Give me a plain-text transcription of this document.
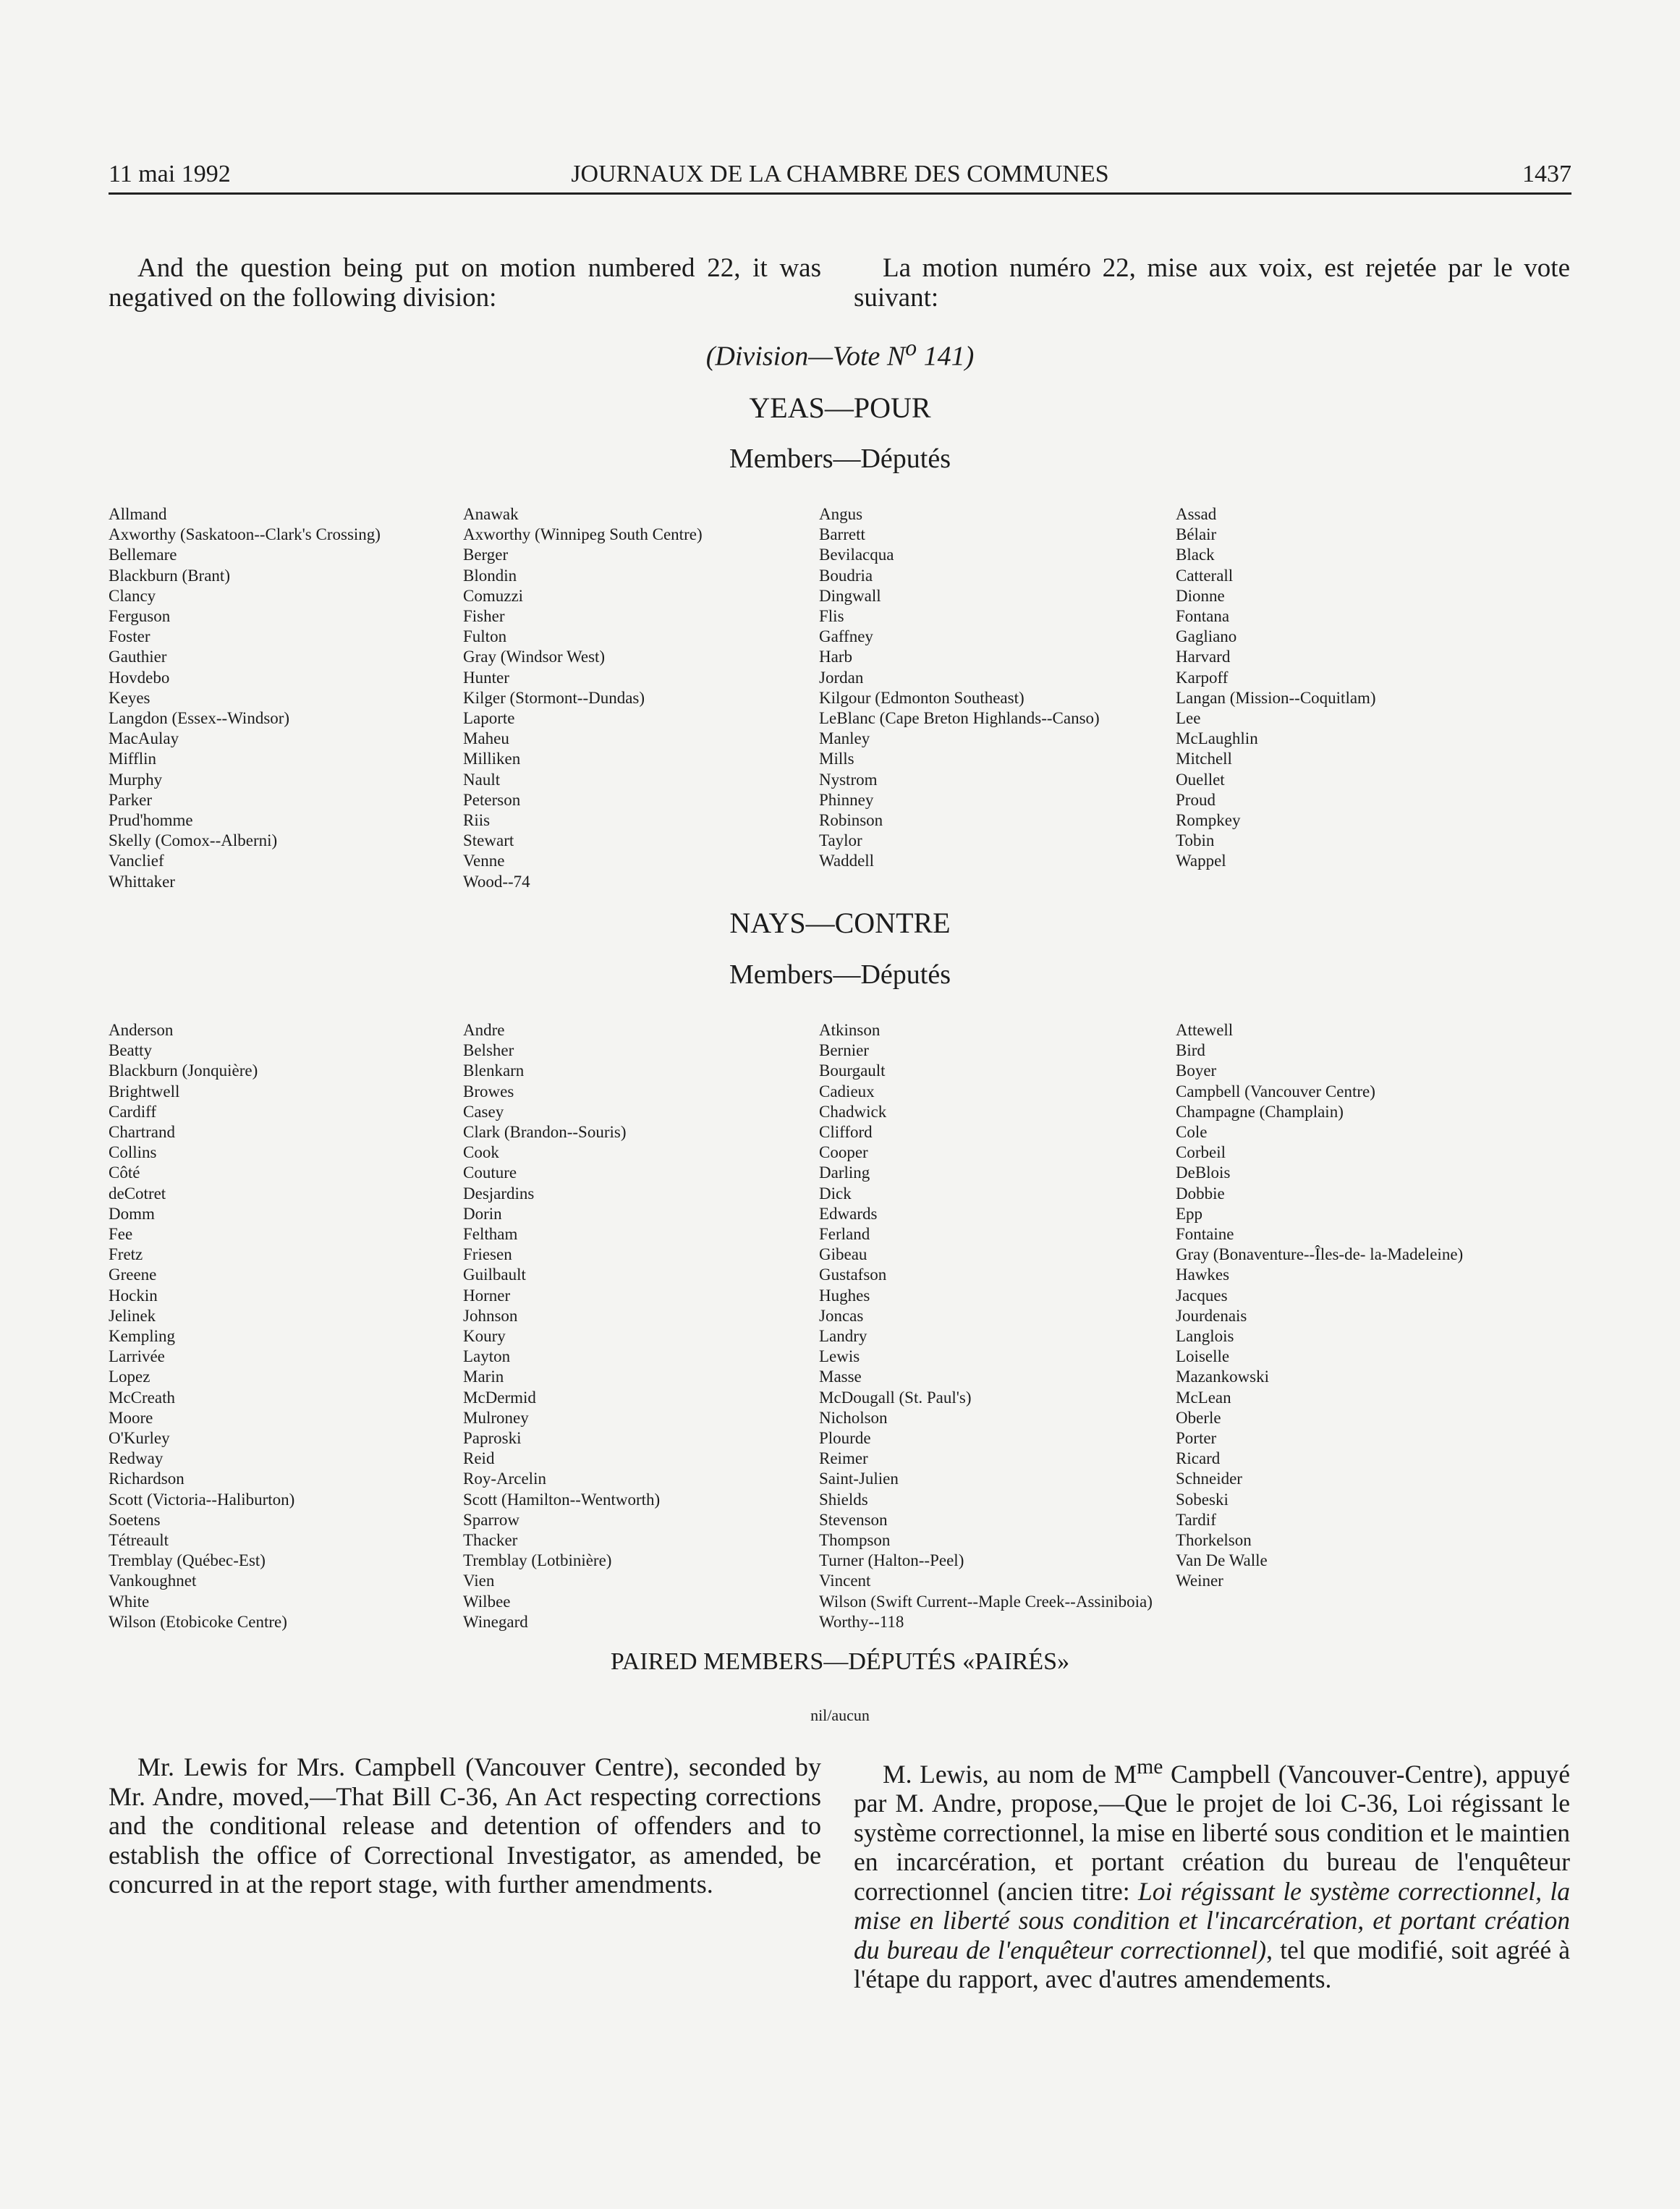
11 mai 1992	JOURNAUX DE LA CHAMBRE DES COMMUNES	1437

And the question being put on motion numbered 22, it was negatived on the following division:

La motion numéro 22, mise aux voix, est rejetée par le vote suivant:

(Division—Vote $N^o$ 141)
YEAS—POUR
Members—Députés
Allmand
Axworthy (Saskatoon--Clark's Crossing)
Bellemare
Blackburn (Brant)
Clancy
Ferguson
Foster
Gauthier
Hovdebo
Keyes
Langdon (Essex--Windsor)
MacAulay
Mifflin
Murphy
Parker
Prud'homme
Skelly (Comox--Alberni)
Vanclief
Whittaker
Anawak
Axworthy (Winnipeg South Centre)
Berger
Blondin
Comuzzi
Fisher
Fulton
Gray (Windsor West)
Hunter
Kilger (Stormont--Dundas)
Laporte
Maheu
Milliken
Nault
Peterson
Riis
Stewart
Venne
Wood--74
Angus
Barrett
Bevilacqua
Boudria
Dingwall
Flis
Gaffney
Harb
Jordan
Kilgour (Edmonton Southeast)
LeBlanc (Cape Breton Highlands--Canso)
Manley
Mills
Nystrom
Phinney
Robinson
Taylor
Waddell
Assad
Bélair
Black
Catterall
Dionne
Fontana
Gagliano
Harvard
Karpoff
Langan (Mission--Coquitlam)
Lee
McLaughlin
Mitchell
Ouellet
Proud
Rompkey
Tobin
Wappel
NAYS—CONTRE
Members—Députés
Anderson
Beatty
Blackburn (Jonquière)
Brightwell
Cardiff
Chartrand
Collins
Côté
deCotret
Domm
Fee
Fretz
Greene
Hockin
Jelinek
Kempling
Larrivée
Lopez
McCreath
Moore
O'Kurley
Redway
Richardson
Scott (Victoria--Haliburton)
Soetens
Tétreault
Tremblay (Québec-Est)
Vankoughnet
White
Wilson (Etobicoke Centre)
Andre
Belsher
Blenkarn
Browes
Casey
Clark (Brandon--Souris)
Cook
Couture
Desjardins
Dorin
Feltham
Friesen
Guilbault
Horner
Johnson
Koury
Layton
Marin
McDermid
Mulroney
Paproski
Reid
Roy-Arcelin
Scott (Hamilton--Wentworth)
Sparrow
Thacker
Tremblay (Lotbinière)
Vien
Wilbee
Winegard
Atkinson
Bernier
Bourgault
Cadieux
Chadwick
Clifford
Cooper
Darling
Dick
Edwards
Ferland
Gibeau
Gustafson
Hughes
Joncas
Landry
Lewis
Masse
McDougall (St. Paul's)
Nicholson
Plourde
Reimer
Saint-Julien
Shields
Stevenson
Thompson
Turner (Halton--Peel)
Vincent
Wilson (Swift Current--Maple Creek--Assiniboia)
Worthy--118
Attewell
Bird
Boyer
Campbell (Vancouver Centre)
Champagne (Champlain)
Cole
Corbeil
DeBlois
Dobbie
Epp
Fontaine
Gray (Bonaventure--Îles-de- la-Madeleine)
Hawkes
Jacques
Jourdenais
Langlois
Loiselle
Mazankowski
McLean
Oberle
Porter
Ricard
Schneider
Sobeski
Tardif
Thorkelson
Van De Walle
Weiner
PAIRED MEMBERS—DÉPUTÉS «PAIRÉS»
nil/aucun

Mr. Lewis for Mrs. Campbell (Vancouver Centre), seconded by Mr. Andre, moved,—That Bill C-36, An Act respecting corrections and the conditional release and detention of offenders and to establish the office of Correctional Investigator, as amended, be concurred in at the report stage, with further amendments.

M. Lewis, au nom de $M^{me}$ Campbell (Vancouver-Centre), appuyé par M. Andre, propose,—Que le projet de loi C-36, Loi régissant le système correctionnel, la mise en liberté sous condition et le maintien en incarcération, et portant création du bureau de l'enquêteur correctionnel (ancien titre: Loi régissant le système correctionnel, la mise en liberté sous condition et l'incarcération, et portant création du bureau de l'enquêteur correctionnel), tel que modifié, soit agréé à l'étape du rapport, avec d'autres amendements.
